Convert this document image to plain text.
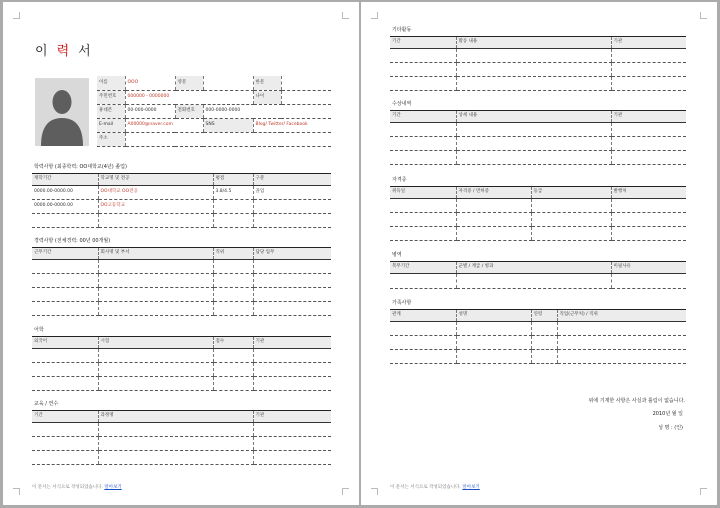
이력서
이름	OOO	영문		한문	
주민번호	000000 - 0000000			나이	
휴대폰	00-000-0000	전화번호	000-0000-0000		
E-mail	A00000@naver.com		SNS	Blog/ Twitter/ Facebook	
주소					
학력사항 (최종학력: OO대학교(4년) 졸업)
재학기간	학교명 및 전공	평점	구분
0000.00-0000.00	OO대학교 OO전공	3.8/4.5	졸업
0000.00-0000.00	OO고등학교		

경력사항 (전체경력: 00년 00개월)
근무기간	회사명 및 부서	직위	담당 업무

어학
외국어	시험	점수	기관

교육 / 연수
기간	과정명	기관

이 문서는 서식으로 작성되었습니다. 알아보기
기타활동
기간	활동 내용	기관

수상내역
기간	상세 내용	기관

자격증
취득일	자격증 / 면허증	등급	발행처

병역
복무기간	군별 / 계급 / 병과	미필사유

가족사항
관계	성명	연령	직업(근무처) / 직위

위에 기재한 사항은 사실과 틀림이 없습니다.
2010년 월 일
성 명 : (인)
이 문서는 서식으로 작성되었습니다. 알아보기
